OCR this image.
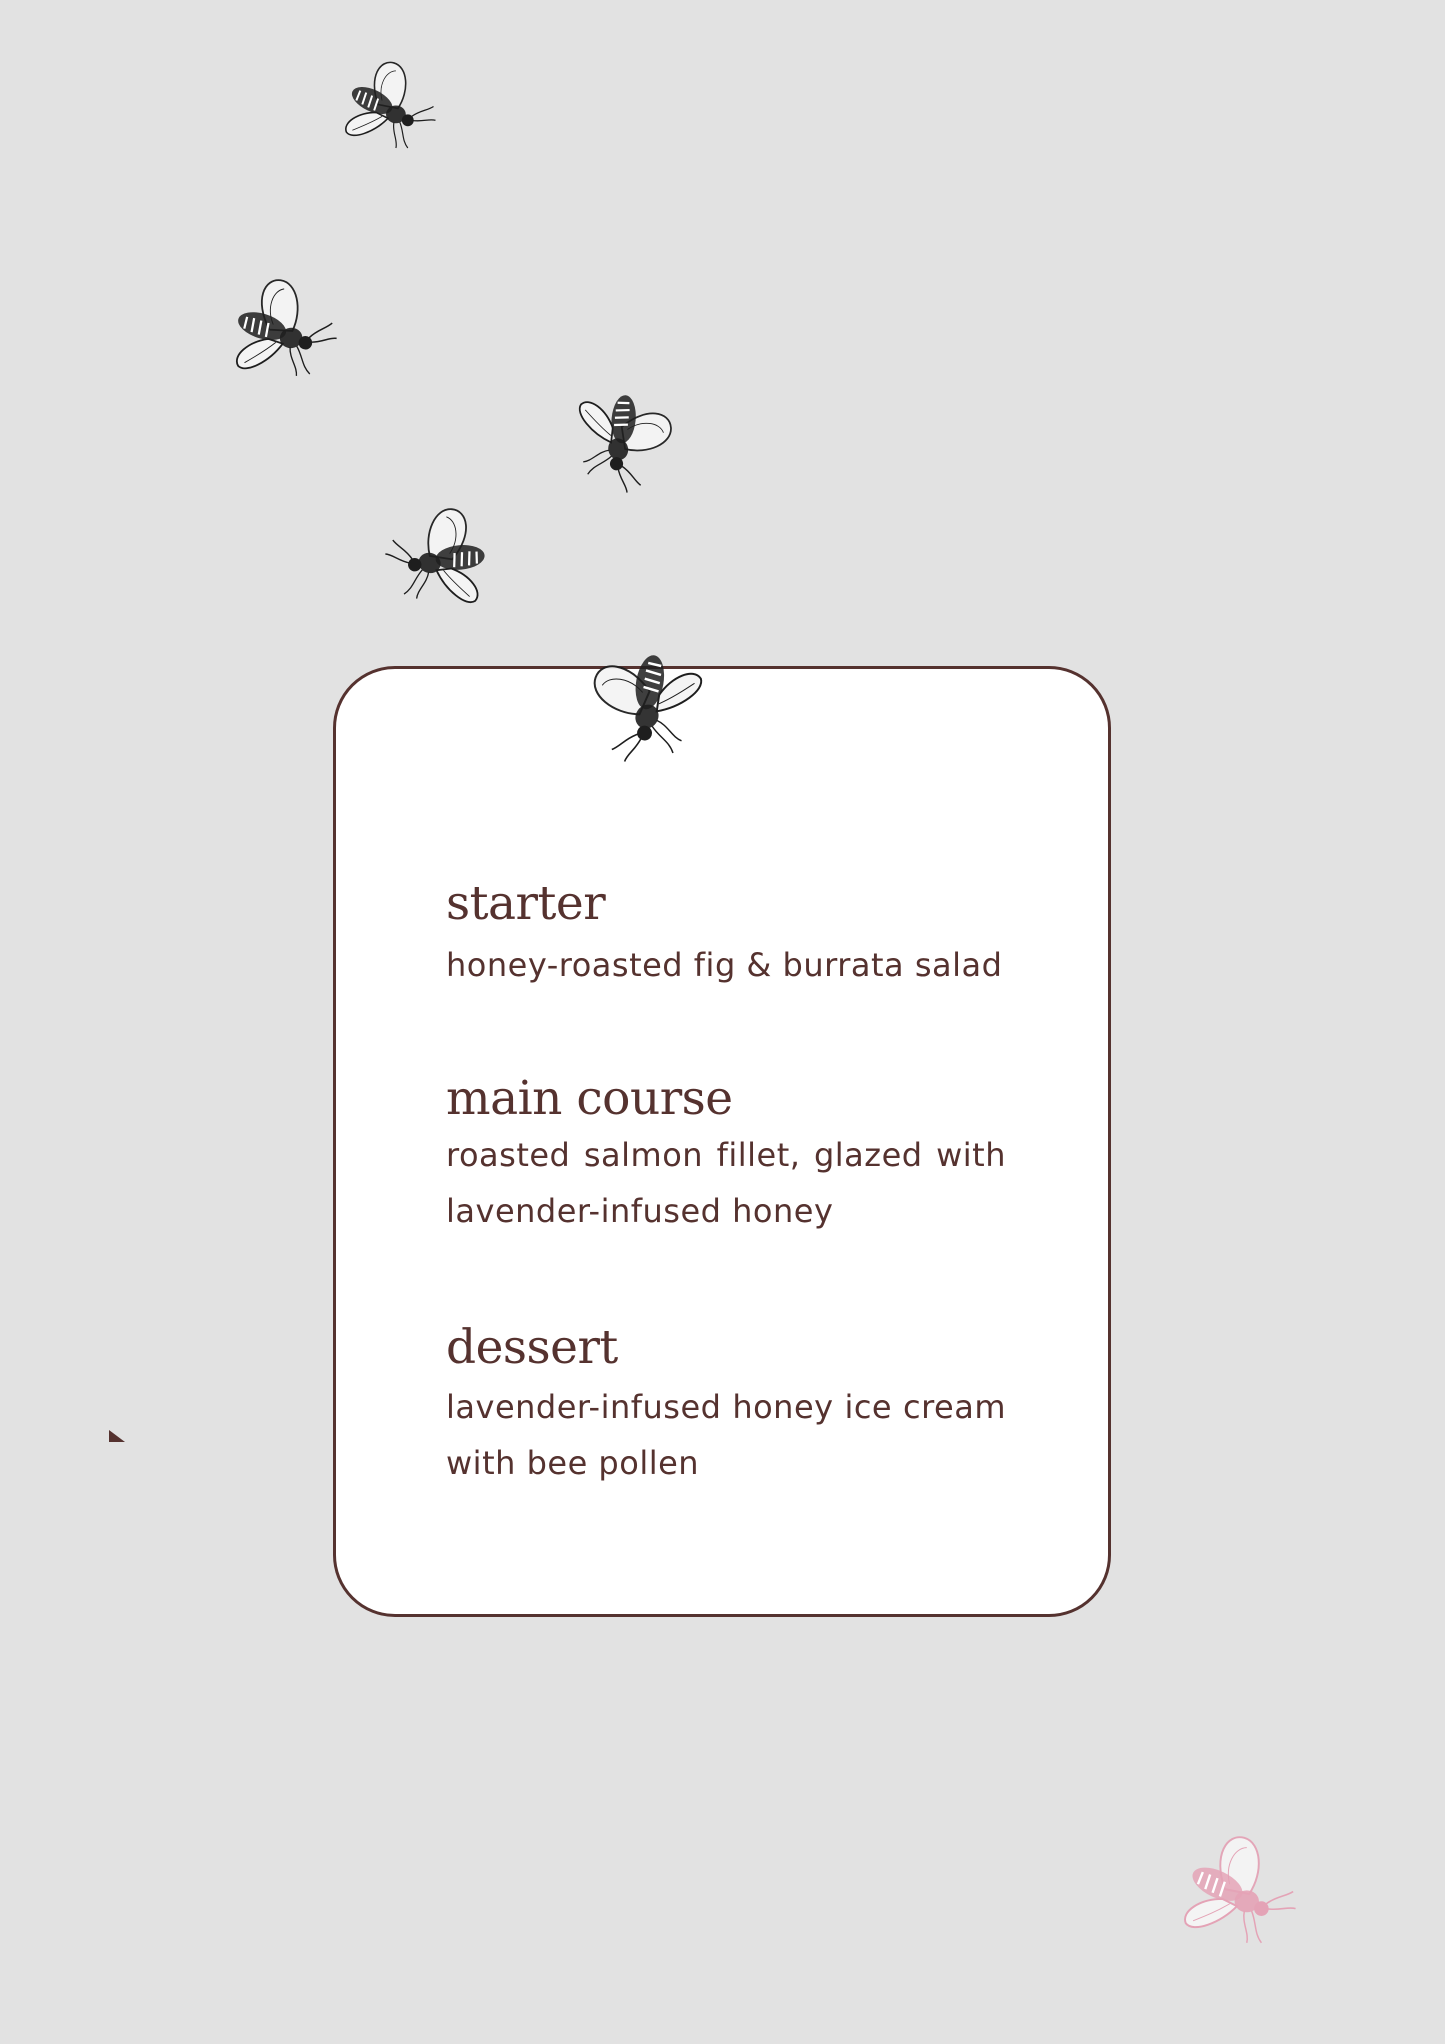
starter
honey-roasted fig & burrata salad
main course
roasted salmon fillet, glazed with lavender-infused honey
dessert
lavender-infused honey ice cream with bee pollen
